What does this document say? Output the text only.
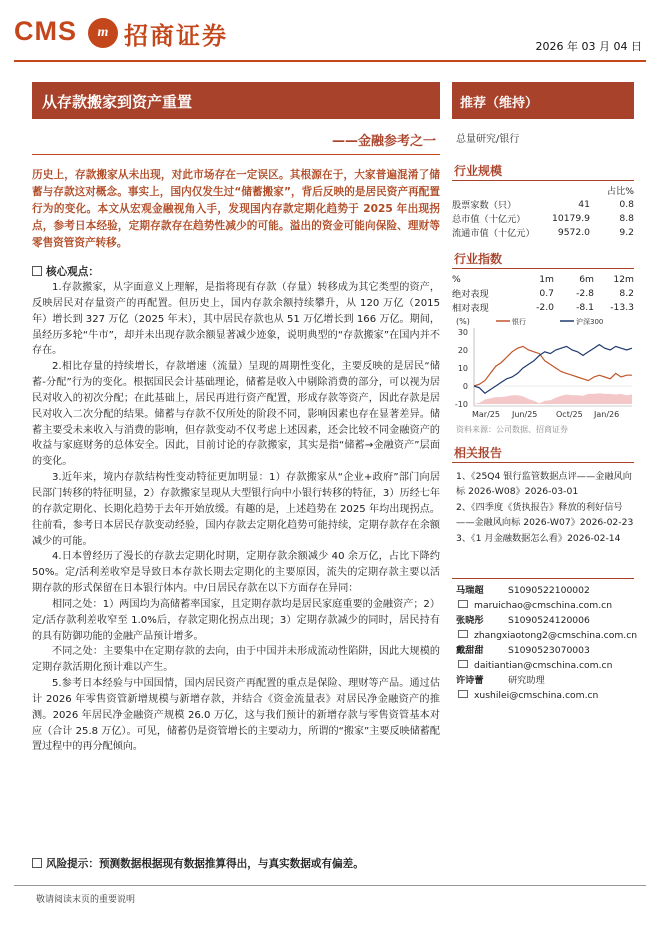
CMS	m 招商证券	2026 年 03 月 04 日
从存款搬家到资产重置	推荐（维持）
——金融参考之一 总量研究/银行
历史上，存款搬家从未出现，对此市场存在一定误区。其根源在于，大家普遍混淆了储蓄与存款这对概念。事实上，国内仅发生过“储蓄搬家”，背后反映的是居民资产再配置行为的变化。本文从宏观金融视角入手，发现国内存款定期化趋势于 2025 年出现拐点，参考日本经验，定期存款存在趋势性减少的可能。溢出的资金可能向保险、理财等零售资管资产转移。
核心观点：

1.存款搬家，从字面意义上理解，是指将现有存款（存量）转移成为其它类型的资产，反映居民对存量资产的再配置。但历史上，国内存款余额持续攀升，从 120 万亿（2015 年）增长到 327 万亿（2025 年末），其中居民存款也从 51 万亿增长到 166 万亿。期间，虽经历多轮“牛市”，却并未出现存款余额显著减少迹象，说明典型的“存款搬家”在国内并不存在。

2.相比存量的持续增长，存款增速（流量）呈现的周期性变化，主要反映的是居民“储蓄-分配”行为的变化。根据国民会计基础理论，储蓄是收入中剔除消费的部分，可以视为居民对收入的初次分配；在此基础上，居民再进行资产配置，形成存款等资产，因此存款是居民对收入二次分配的结果。储蓄与存款不仅所处的阶段不同，影响因素也存在显著差异。储蓄主要受未来收入与消费的影响，但存款变动不仅考虑上述因素，还会比较不同金融资产的收益与家庭财务的总体安全。因此，目前讨论的存款搬家，其实是指“储蓄→金融资产”层面的变化。

3.近年来，境内存款结构性变动特征更加明显：1）存款搬家从“企业+政府”部门向居民部门转移的特征明显，2）存款搬家呈现从大型银行向中小银行转移的特征，3）历经七年的存款定期化、长期化趋势于去年开始放缓。有趣的是，上述趋势在 2025 年均出现拐点。往前看，参考日本居民存款变动经验，国内存款去定期化趋势可能持续，定期存款存在余额减少的可能。

4.日本曾经历了漫长的存款去定期化时期，定期存款余额减少 40 余万亿，占比下降约 50%。定/活利差收窄是导致日本存款长期去定期化的主要原因，流失的定期存款主要以活期存款的形式保留在日本银行体内。中/日居民存款在以下方面存在异同：

相同之处：1）两国均为高储蓄率国家，且定期存款均是居民家庭重要的金融资产；2）定/活存款利差收窄至 1.0%后，存款定期化拐点出现；3）定期存款减少的同时，居民持有的具有防御功能的金融产品预计增多。

不同之处：主要集中在定期存款的去向，由于中国并未形成流动性陷阱，因此大规模的定期存款活期化预计难以产生。

5.参考日本经验与中国国情，国内居民资产再配置的重点是保险、理财等产品。通过估计 2026 年零售资管新增规模与新增存款，并结合《资金流量表》对居民净金融资产的推测。2026 年居民净金融资产规模 26.0 万亿，这与我们预计的新增存款与零售资管基本对应（合计 25.8 万亿）。可见，储蓄仍是资管增长的主要动力，所谓的“搬家”主要反映储蓄配置过程中的再分配倾向。

风险提示：预测数据根据现有数据推算得出，与真实数据或有偏差。
敬请阅读末页的重要说明
行业规模
		占比%
股票家数（只）	41	0.8
总市值（十亿元）	10179.9	8.8
流通市值（十亿元）	9572.0	9.2
行业指数
%	1m	6m	12m
绝对表现	0.7	-2.8	8.2
相对表现	-2.0	-8.1	-13.3
(%)	银行	沪深300
30
20
10
0
-10
Mar/25 Jun/25 Oct/25 Jan/26
资料来源：公司数据、招商证券
相关报告
1、《25Q4 银行监管数据点评——金融风向标 2026-W08》2026-03-01
2、《四季度《货执报告》释放的利好信号——金融风向标 2026-W07》2026-02-23
3、《1 月金融数据怎么看》2026-02-14
马瑞超	S1090522100002
maruichao@cmschina.com.cn
张晓彤	S1090524120006
zhangxiaotong2@cmschina.com.cn
戴甜甜	S1090523070003
daitiantian@cmschina.com.cn
许诗蕾	研究助理
xushilei@cmschina.com.cn
